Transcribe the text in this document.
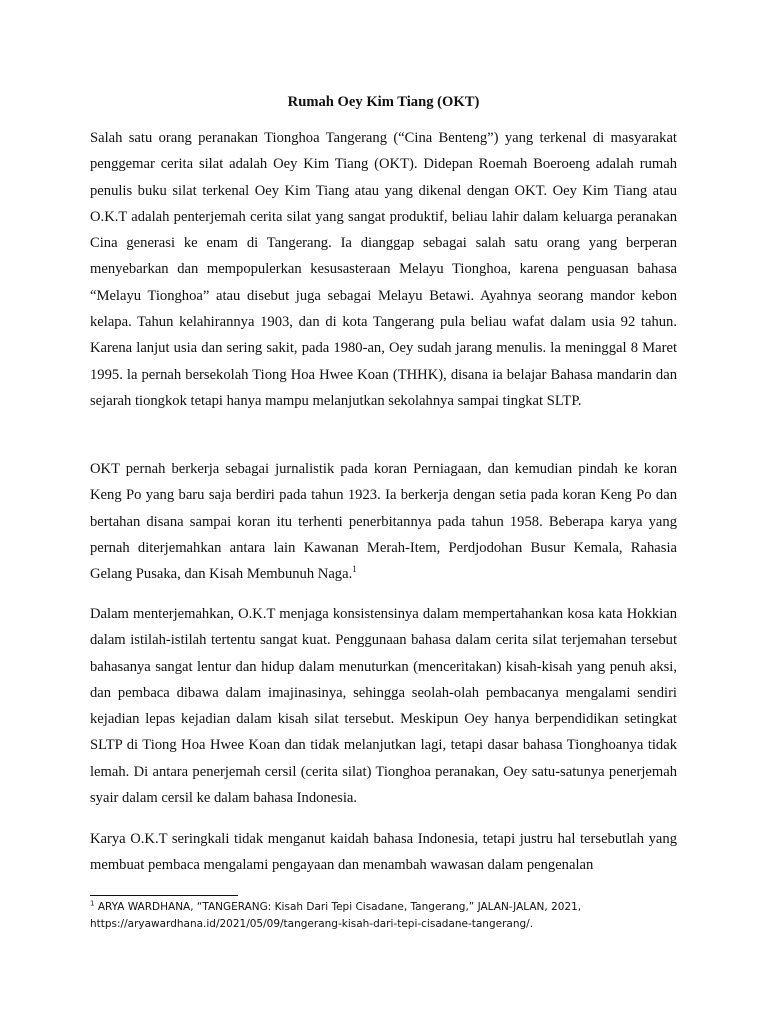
Rumah Oey Kim Tiang (OKT)

Salah satu orang peranakan Tionghoa Tangerang (“Cina Benteng”) yang terkenal di masyarakat penggemar cerita silat adalah Oey Kim Tiang (OKT). Didepan Roemah Boeroeng adalah rumah penulis buku silat terkenal Oey Kim Tiang atau yang dikenal dengan OKT. Oey Kim Tiang atau O.K.T adalah penterjemah cerita silat yang sangat produktif, beliau lahir dalam keluarga peranakan Cina generasi ke enam di Tangerang. Ia dianggap sebagai salah satu orang yang berperan menyebarkan dan mempopulerkan kesusasteraan Melayu Tionghoa, karena penguasan bahasa “Melayu Tionghoa” atau disebut juga sebagai Melayu Betawi. Ayahnya seorang mandor kebon kelapa. Tahun kelahirannya 1903, dan di kota Tangerang pula beliau wafat dalam usia 92 tahun. Karena lanjut usia dan sering sakit, pada 1980-an, Oey sudah jarang menulis. la meninggal 8 Maret 1995. la pernah bersekolah Tiong Hoa Hwee Koan (THHK), disana ia belajar Bahasa mandarin dan sejarah tiongkok tetapi hanya mampu melanjutkan sekolahnya sampai tingkat SLTP.

OKT pernah berkerja sebagai jurnalistik pada koran Perniagaan, dan kemudian pindah ke koran Keng Po yang baru saja berdiri pada tahun 1923. Ia berkerja dengan setia pada koran Keng Po dan bertahan disana sampai koran itu terhenti penerbitannya pada tahun 1958. Beberapa karya yang pernah diterjemahkan antara lain Kawanan Merah-Item, Perdjodohan Busur Kemala, Rahasia Gelang Pusaka, dan Kisah Membunuh Naga.$^1$

Dalam menterjemahkan, O.K.T menjaga konsistensinya dalam mempertahankan kosa kata Hokkian dalam istilah-istilah tertentu sangat kuat. Penggunaan bahasa dalam cerita silat terjemahan tersebut bahasanya sangat lentur dan hidup dalam menuturkan (menceritakan) kisah-kisah yang penuh aksi, dan pembaca dibawa dalam imajinasinya, sehingga seolah-olah pembacanya mengalami sendiri kejadian lepas kejadian dalam kisah silat tersebut. Meskipun Oey hanya berpendidikan setingkat SLTP di Tiong Hoa Hwee Koan dan tidak melanjutkan lagi, tetapi dasar bahasa Tionghoanya tidak lemah. Di antara penerjemah cersil (cerita silat) Tionghoa peranakan, Oey satu-satunya penerjemah syair dalam cersil ke dalam bahasa Indonesia.

Karya O.K.T seringkali tidak menganut kaidah bahasa Indonesia, tetapi justru hal tersebutlah yang membuat pembaca mengalami pengayaan dan menambah wawasan dalam pengenalan

$^1$ ARYA WARDHANA, “TANGERANG: Kisah Dari Tepi Cisadane, Tangerang,” JALAN-JALAN, 2021, https://aryawardhana.id/2021/05/09/tangerang-kisah-dari-tepi-cisadane-tangerang/.
